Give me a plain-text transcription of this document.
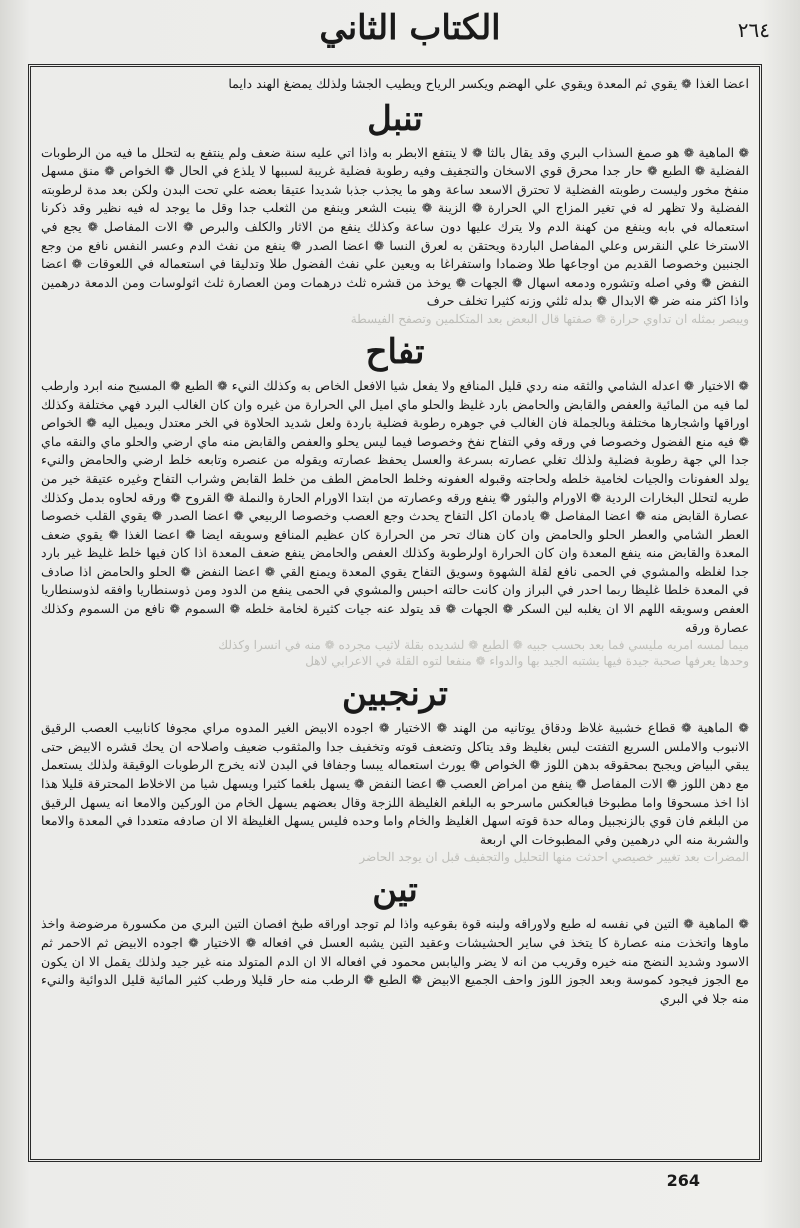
الكتاب الثاني	٢٦٤

اعضا الغذا ❁ يقوي ثم المعدة ويقوي علي الهضم ويكسر الرياح ويطيب الجشا ولذلك يمضغ الهند دايما

تنبل

❁ الماهية ❁ هو صمغ السذاب البري وقد يقال بالثا ❁ لا ينتفع الابطر به واذا اتي عليه سنة ضعف ولم ينتفع به لتحلل ما فيه من الرطوبات الفضلية ❁ الطبع ❁ حار جدا محرق قوي الاسخان والتجفيف وفيه رطوبة فضلية غريبة لسببها لا يلذع في الحال ❁ الخواص ❁ منق مسهل منفخ مخور وليست رطوبته الفضلية لا تحترق الاسعد ساعة وهو ما يجذب جذبا شديدا عتيقا بعضه علي تحت البدن ولكن بعد مدة لرطوبته الفضلية ولا تظهر له في تغير المزاج الي الحرارة ❁ الزينة ❁ ينبت الشعر وينفع من الثعلب جدا وقل ما يوجد له فيه نظير وقد ذكرنا استعماله في بابه وينفع من كهنة الدم ولا يترك عليها دون ساعة وكذلك ينفع من الاثار والكلف والبرص ❁ الات المفاصل ❁ يجع في الاسترخا علي النقرس وعلي المفاصل الباردة ويحتقن به لعرق النسا ❁ اعضا الصدر ❁ ينفع من نفث الدم وعسر النفس نافع من وجع الجنبين وخصوصا القديم من اوجاعها طلا وضمادا واستفراغا به ويعين علي نفث الفضول طلا وتدليقا في استعماله في اللعوقات ❁ اعضا النفض ❁ وفي اصله وتشوره ودمعه اسهال ❁ الجهات ❁ يوخذ من قشره ثلث درهمات ومن العصارة ثلث اثولوسات ومن الدمعة درهمين واذا اكثر منه ضر ❁ الابدال ❁ بدله ثلثي وزنه كثيرا تخلف حرف

ويبصر بمثله ان تداوي حرارة ❁ صفتها قال البعض بعد المتكلمين وتصفح الفيسطة

تفاح

❁ الاختيار ❁ اعدله الشامي والثقه منه ردي قليل المنافع ولا يفعل شيا الافعل الخاص به وكذلك النيء ❁ الطبع ❁ المسيح منه ابرد وارطب لما فيه من المائية والعفص والقابض والحامض بارد غليظ والحلو ماي اميل الي الحرارة من غيره وان كان الغالب البرد فهي مختلفة وكذلك اوراقها واشجارها مختلفة وبالجملة فان الغالب في جوهره رطوبة فضلية باردة ولعل شديد الحلاوة في الخر معتدل ويميل اليه ❁ الخواص ❁ فيه منع الفضول وخصوصا في ورقه وفي التفاح نفخ وخصوصا فيما ليس يحلو والعفص والقابض منه ماي ارضي والحلو ماي والنقه ماي جدا الي جهة رطوبة فضلية ولذلك تغلي عصارته بسرعة والعسل يحفظ عصارته ويقوله من عنصره وتابعه خلط ارضي والحامض والنيء يولد العفونات والجيات لخامية خلطه ولحاجته وقبوله العفونه وخلط الحامض الطف من خلط القابض وشراب التفاح وغيره عتيقة خير من طريه لتحلل البخارات الردية ❁ الاورام والبثور ❁ ينفع ورقه وعصارته من ابتدا الاورام الحارة والنملة ❁ القروح ❁ ورقه لحاوه بدمل وكذلك عصارة القابض منه ❁ اعضا المفاصل ❁ يادمان اكل التفاح يحدث وجع العصب وخصوصا الربيعي ❁ اعضا الصدر ❁ يقوي القلب خصوصا العطر الشامي والعطر الحلو والحامض وان كان هناك تحر من الحرارة كان عظيم المنافع وسويقه ايضا ❁ اعضا الغذا ❁ يقوي ضعف المعدة والقابض منه ينفع المعدة وان كان الحرارة اولرطوبة وكذلك العفص والحامض ينفع ضعف المعدة اذا كان فيها خلط غليظ غير بارد جدا لغلظه والمشوي في الحمى نافع لقلة الشهوة وسويق التفاح يقوي المعدة ويمنع القي ❁ اعضا النفض ❁ الحلو والحامض اذا صادف في المعدة خلطا غليظا ربما احدر في البراز وان كانت حالته احبس والمشوي في الحمى ينفع من الدود ومن ذوسنطاريا وافقه لذوسنطاريا العفص وسويقه اللهم الا ان يغلبه لين السكر ❁ الجهات ❁ قد يتولد عنه جيات كثيرة لخامة خلطه ❁ السموم ❁ نافع من السموم وكذلك عصارة ورقه

ميما لمسه امريه مليسي فما بعد بحسب جبيه ❁ الطبع ❁ لشديده بقلة لاثيب مجرده ❁ منه في انسرا وكذلك

وحدها يعرفها صحبة جيدة فيها يشتبه الجيد بها والدواء ❁ منفعا لتوه القلة في الاعرابي لاهل

ترنجبين

❁ الماهية ❁ قطاع خشبية غلاظ ودقاق يوتانيه من الهند ❁ الاختيار ❁ اجوده الابيض الغير المدوه مراي مجوفا كانابيب العصب الرقيق الانبوب والاملس السريع التفتت ليس بغليظ وقد يتاكل وتضعف قوته وتخفيف جدا والمثقوب ضعيف واصلاحه ان يحك قشره الابيض حتى يبقي البياض ويجبح بمحقوقه بدهن اللوز ❁ الخواص ❁ يورث استعماله يبسا وجفافا في البدن لانه يخرج الرطوبات الوقيقة ولذلك يستعمل مع دهن اللوز ❁ الات المفاصل ❁ ينفع من امراض العصب ❁ اعضا النفض ❁ يسهل بلغما كثيرا ويسهل شيا من الاخلاط المحترقة قليلا هذا اذا اخذ مسحوقا واما مطبوخا فبالعكس ماسرحو به البلغم الغليظة اللزجة وقال بعضهم يسهل الخام من الوركين والامعا انه يسهل الرقيق من البلغم فان قوي بالزنجبيل وماله حدة قوته اسهل الغليظ والخام واما وحده فليس يسهل الغليظة الا ان صادفه متعددا في المعدة والامعا والشربة منه الي درهمين وفي المطبوخات الي اربعة

المضرات بعد تغيير خصيصي احدثت منها التحليل والتجفيف قبل ان يوجد الحاضر

تين

❁ الماهية ❁ التين في نفسه له طبع ولاوراقه ولبنه قوة بقوعيه واذا لم توجد اوراقه طبخ افصان التين البري من مكسورة مرضوضة واخذ ماوها واتخذت منه عصارة كا يتخذ في ساير الحشيشات وعقيد التين يشبه العسل في افعاله ❁ الاختيار ❁ اجوده الابيض ثم الاحمر ثم الاسود وشديد النضج منه خيره وقريب من انه لا يضر واليابس محمود في افعاله الا ان الدم المتولد منه غير جيد ولذلك يقمل الا ان يكون مع الجوز فيجود كموسة وبعد الجوز اللوز واحف الجميع الابيض ❁ الطبع ❁ الرطب منه حار قليلا ورطب كثير المائية قليل الدوائية والنيء منه جلا في البري

264
